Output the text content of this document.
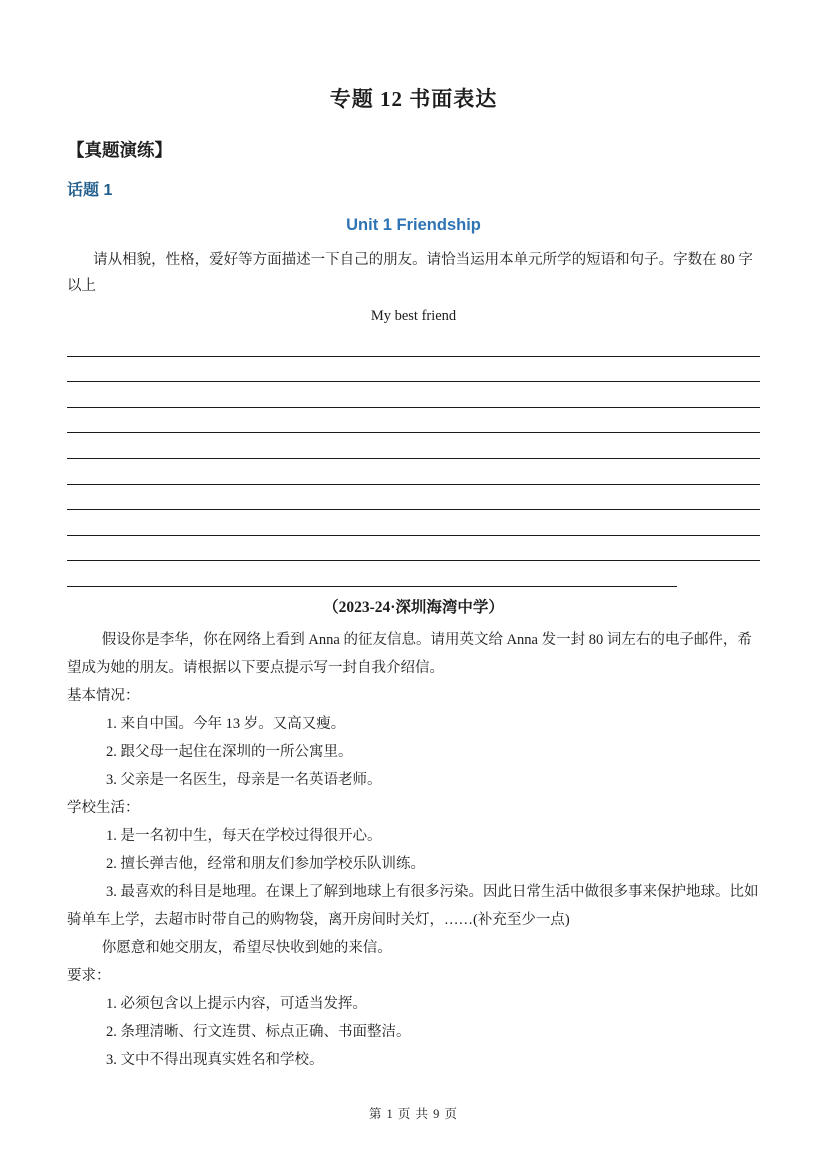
专题 12 书面表达
【真题演练】
话题 1
Unit 1 Friendship

请从相貌，性格，爱好等方面描述一下自己的朋友。请恰当运用本单元所学的短语和句子。字数在 80 字以上

My best friend
（2023-24·深圳海湾中学）

假设你是李华，你在网络上看到 Anna 的征友信息。请用英文给 Anna 发一封 80 词左右的电子邮件，希望成为她的朋友。请根据以下要点提示写一封自我介绍信。

基本情况：

1. 来自中国。今年 13 岁。又高又瘦。

2. 跟父母一起住在深圳的一所公寓里。

3. 父亲是一名医生，母亲是一名英语老师。

学校生活：

1. 是一名初中生，每天在学校过得很开心。

2. 擅长弹吉他，经常和朋友们参加学校乐队训练。

3. 最喜欢的科目是地理。在课上了解到地球上有很多污染。因此日常生活中做很多事来保护地球。比如骑单车上学，去超市时带自己的购物袋，离开房间时关灯，……(补充至少一点)

你愿意和她交朋友，希望尽快收到她的来信。

要求：

1. 必须包含以上提示内容，可适当发挥。

2. 条理清晰、行文连贯、标点正确、书面整洁。

3. 文中不得出现真实姓名和学校。

第 1 页 共 9 页
